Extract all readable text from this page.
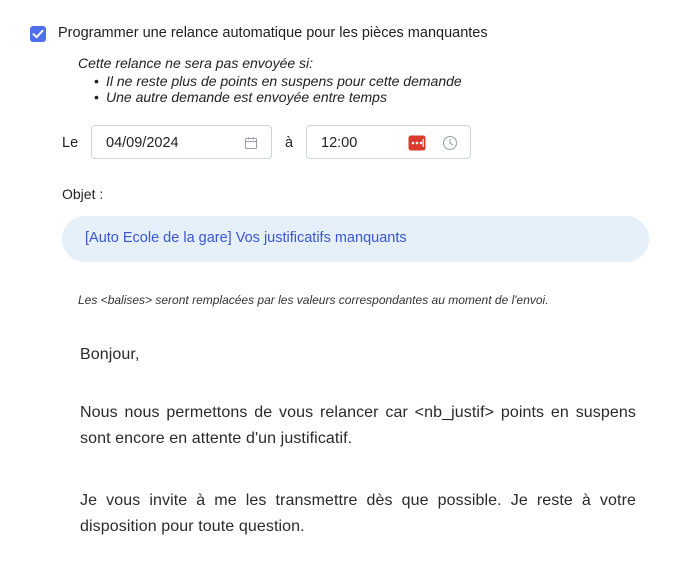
Programmer une relance automatique pour les pièces manquantes
Cette relance ne sera pas envoyée si:
• Il ne reste plus de points en suspens pour cette demande
• Une autre demande est envoyée entre temps
Le 04/09/2024	à 12:00
Objet :
[Auto Ecole de la gare] Vos justificatifs manquants
Les <balises> seront remplacées par les valeurs correspondantes au moment de l'envoi.
Bonjour,
Nous nous permettons de vous relancer car <nb_justif> points en suspens sont encore en attente d'un justificatif.
Je vous invite à me les transmettre dès que possible. Je reste à votre disposition pour toute question.
